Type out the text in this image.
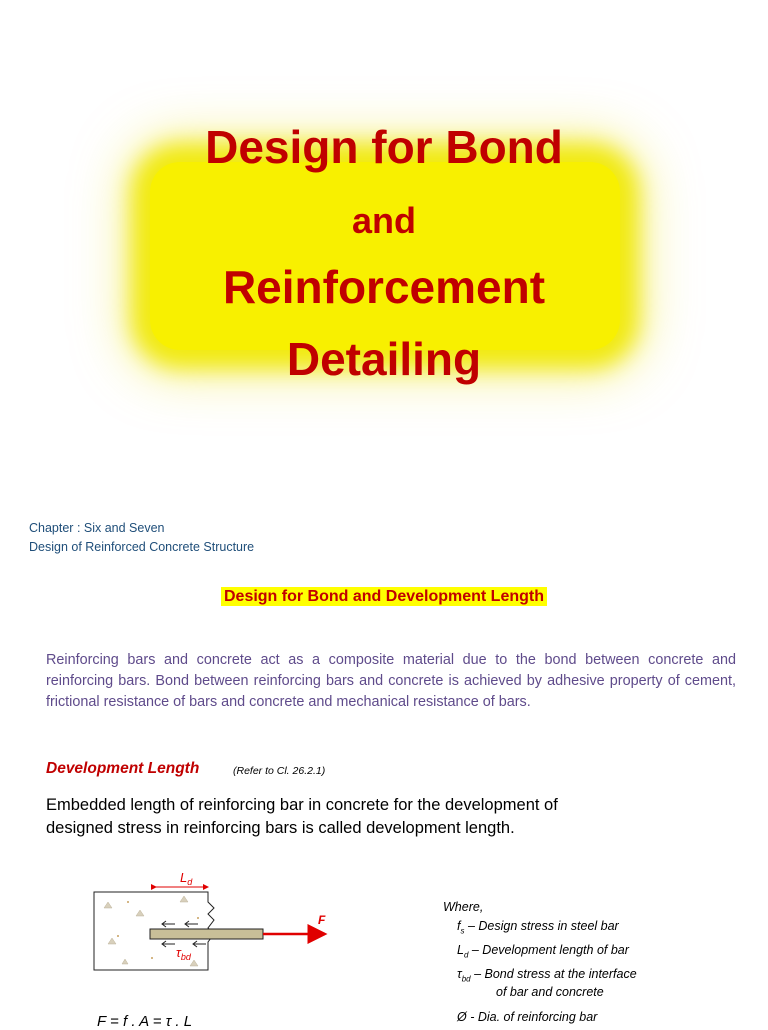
Design for Bond
and
Reinforcement
Detailing
Chapter : Six and Seven
Design of Reinforced Concrete Structure
Design for Bond and Development Length
Reinforcing bars and concrete act as a composite material due to the bond between concrete and reinforcing bars. Bond between reinforcing bars and concrete is achieved by adhesive property of cement, frictional resistance of bars and concrete and mechanical resistance of bars.
Development Length	(Refer to Cl. 26.2.1)
Embedded length of reinforcing bar in concrete for the development of
designed stress in reinforcing bars is called development length.
$L_d$
$\tau_{bd}$
F
Where,
$f_s$ – Design stress in steel bar
$L_d$ – Development length of bar
$\tau_{bd}$ – Bond stress at the interface
of bar and concrete
Ø - Dia. of reinforcing bar
F = f . A = τ . L
